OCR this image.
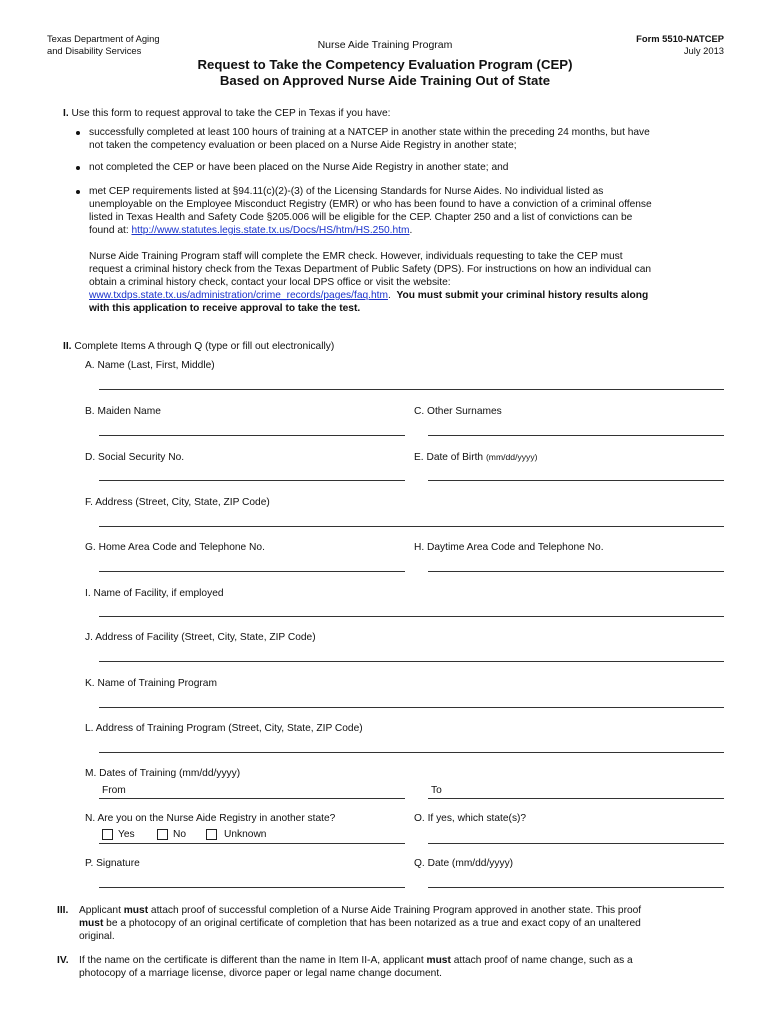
Texas Department of Aging
and Disability Services	Nurse Aide Training Program
Form 5510-NATCEP
July 2013
Request to Take the Competency Evaluation Program (CEP)
Based on Approved Nurse Aide Training Out of State
I. Use this form to request approval to take the CEP in Texas if you have:
successfully completed at least 100 hours of training at a NATCEP in another state within the preceding 24 months, but have
not taken the competency evaluation or been placed on a Nurse Aide Registry in another state;
not completed the CEP or have been placed on the Nurse Aide Registry in another state; and
met CEP requirements listed at §94.11(c)(2)-(3) of the Licensing Standards for Nurse Aides. No individual listed as
unemployable on the Employee Misconduct Registry (EMR) or who has been found to have a conviction of a criminal offense
listed in Texas Health and Safety Code §205.006 will be eligible for the CEP. Chapter 250 and a list of convictions can be
found at: http://www.statutes.legis.state.tx.us/Docs/HS/htm/HS.250.htm.
Nurse Aide Training Program staff will complete the EMR check. However, individuals requesting to take the CEP must
request a criminal history check from the Texas Department of Public Safety (DPS). For instructions on how an individual can
obtain a criminal history check, contact your local DPS office or visit the website:
www.txdps.state.tx.us/administration/crime_records/pages/faq.htm. You must submit your criminal history results along
with this application to receive approval to take the test.
II. Complete Items A through Q (type or fill out electronically)
A. Name (Last, First, Middle)
B. Maiden Name	C. Other Surnames
D. Social Security No.	E. Date of Birth (mm/dd/yyyy)
F. Address (Street, City, State, ZIP Code)
G. Home Area Code and Telephone No.	H. Daytime Area Code and Telephone No.
I. Name of Facility, if employed
J. Address of Facility (Street, City, State, ZIP Code)
K. Name of Training Program
L. Address of Training Program (Street, City, State, ZIP Code)
M. Dates of Training (mm/dd/yyyy)
From	To
N. Are you on the Nurse Aide Registry in another state?
Yes	No	Unknown
O. If yes, which state(s)?
P. Signature	Q. Date (mm/dd/yyyy)
III. Applicant must attach proof of successful completion of a Nurse Aide Training Program approved in another state. This proof
must be a photocopy of an original certificate of completion that has been notarized as a true and exact copy of an unaltered
original.
IV. If the name on the certificate is different than the name in Item II-A, applicant must attach proof of name change, such as a
photocopy of a marriage license, divorce paper or legal name change document.
